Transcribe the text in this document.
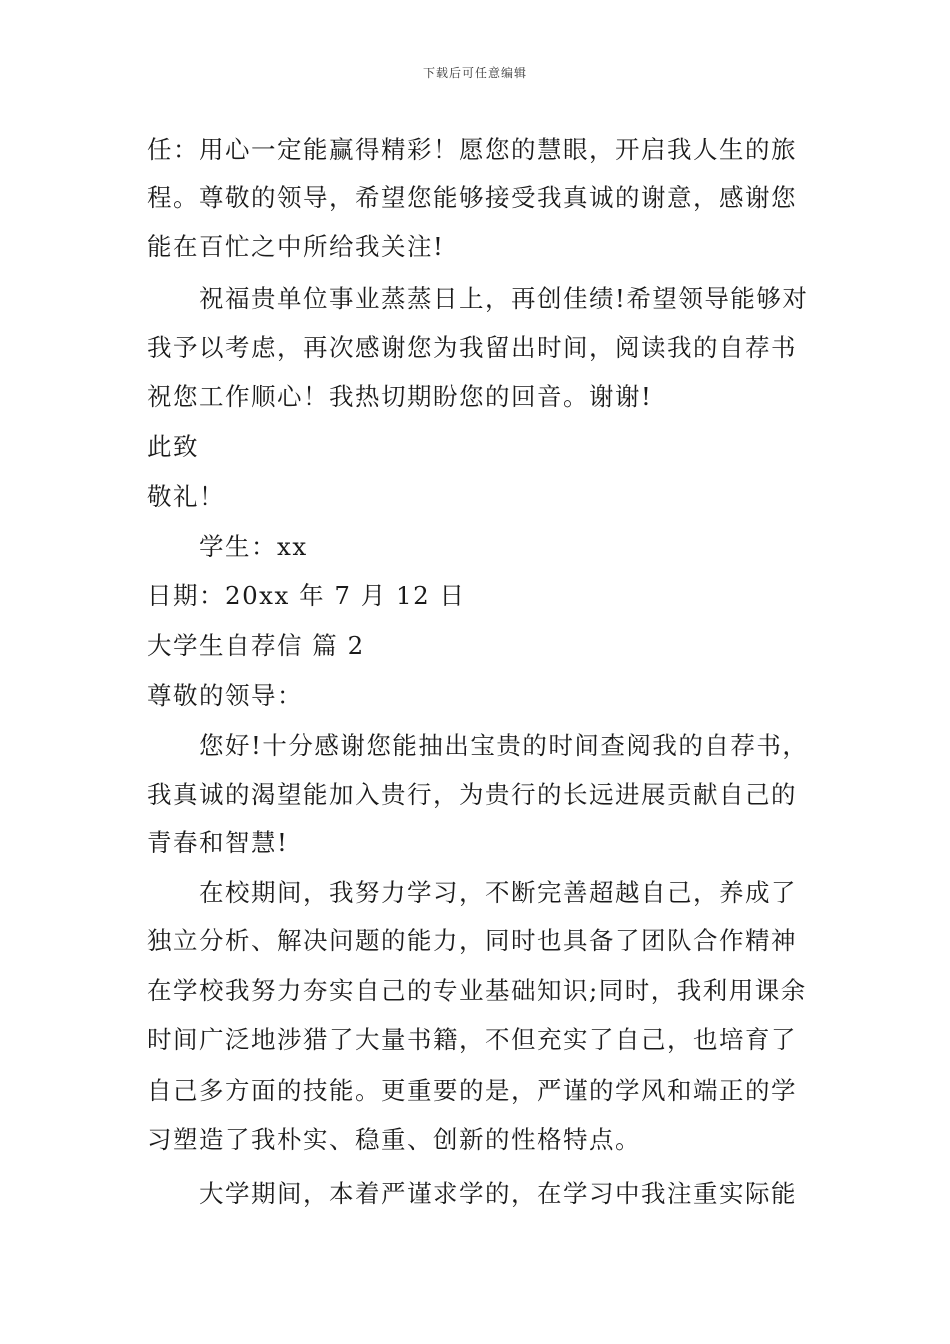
下载后可任意编辑
任：用心一定能赢得精彩！愿您的慧眼，开启我人生的旅
程。尊敬的领导，希望您能够接受我真诚的谢意，感谢您
能在百忙之中所给我关注!
　　祝福贵单位事业蒸蒸日上，再创佳绩!希望领导能够对
我予以考虑，再次感谢您为我留出时间，阅读我的自荐书
祝您工作顺心！我热切期盼您的回音。谢谢!
此致
敬礼！
　　学生：xx
日期：20xx 年 7 月 12 日
大学生自荐信 篇 2
尊敬的领导：
　　您好!十分感谢您能抽出宝贵的时间查阅我的自荐书，
我真诚的渴望能加入贵行，为贵行的长远进展贡献自己的
青春和智慧!
　　在校期间，我努力学习，不断完善超越自己，养成了
独立分析、解决问题的能力，同时也具备了团队合作精神
在学校我努力夯实自己的专业基础知识;同时，我利用课余
时间广泛地涉猎了大量书籍，不但充实了自己，也培育了
自己多方面的技能。更重要的是，严谨的学风和端正的学
习塑造了我朴实、稳重、创新的性格特点。
　　大学期间，本着严谨求学的，在学习中我注重实际能
